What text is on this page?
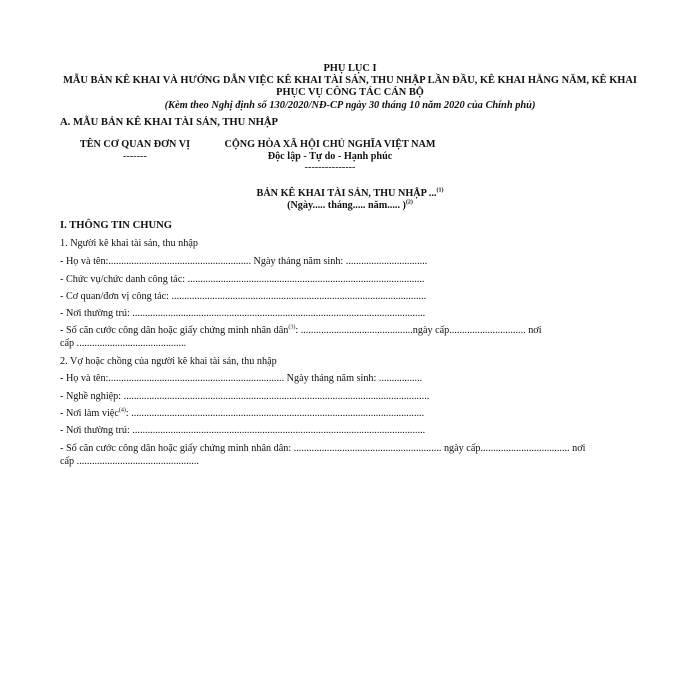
PHỤ LỤC I
MẪU BẢN KÊ KHAI VÀ HƯỚNG DẪN VIỆC KÊ KHAI TÀI SẢN, THU NHẬP LẦN ĐẦU, KÊ KHAI HẰNG NĂM, KÊ KHAI
PHỤC VỤ CÔNG TÁC CÁN BỘ
(Kèm theo Nghị định số 130/2020/NĐ-CP ngày 30 tháng 10 năm 2020 của Chính phủ)
A. MẪU BẢN KÊ KHAI TÀI SẢN, THU NHẬP
TÊN CƠ QUAN ĐƠN VỊ
-------
CỘNG HÒA XÃ HỘI CHỦ NGHĨA VIỆT NAM
Độc lập - Tự do - Hạnh phúc
---------------
BẢN KÊ KHAI TÀI SẢN, THU NHẬP ...$^{(1)}$
(Ngày..... tháng..... năm..... )$^{(2)}$
I. THÔNG TIN CHUNG
1. Người kê khai tài sản, thu nhập
- Họ và tên:........................................................ Ngày tháng năm sinh: ................................
- Chức vụ/chức danh công tác: .............................................................................................
- Cơ quan/đơn vị công tác: ....................................................................................................
- Nơi thường trú: ...................................................................................................................
- Số căn cước công dân hoặc giấy chứng minh nhân dân$^{(3)}$: ............................................ngày cấp.............................. nơi
cấp ...........................................
2. Vợ hoặc chồng của người kê khai tài sản, thu nhập
- Họ và tên:..................................................................... Ngày tháng năm sinh: .................
- Nghề nghiệp: ........................................................................................................................
- Nơi làm việc$^{(4)}$: ...................................................................................................................
- Nơi thường trú: ...................................................................................................................
- Số căn cước công dân hoặc giấy chứng minh nhân dân: .......................................................... ngày cấp................................... nơi
cấp ................................................
